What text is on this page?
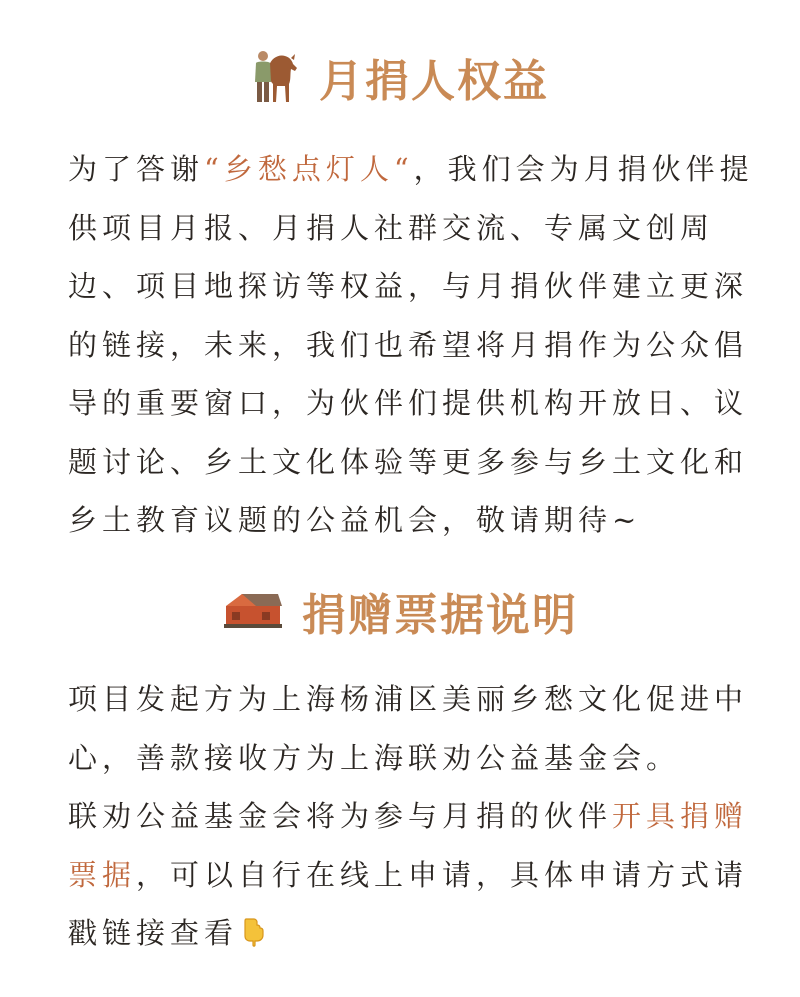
月捐人权益

为了答谢“乡愁点灯人“，我们会为月捐伙伴提供项目月报、月捐人社群交流、专属文创周边、项目地探访等权益，与月捐伙伴建立更深的链接，未来，我们也希望将月捐作为公众倡导的重要窗口，为伙伴们提供机构开放日、议题讨论、乡土文化体验等更多参与乡土文化和乡土教育议题的公益机会，敬请期待~

捐赠票据说明
项目发起方为上海杨浦区美丽乡愁文化促进中心，善款接收方为上海联劝公益基金会。
联劝公益基金会将为参与月捐的伙伴开具捐赠票据，可以自行在线上申请，具体申请方式请戳链接查看
